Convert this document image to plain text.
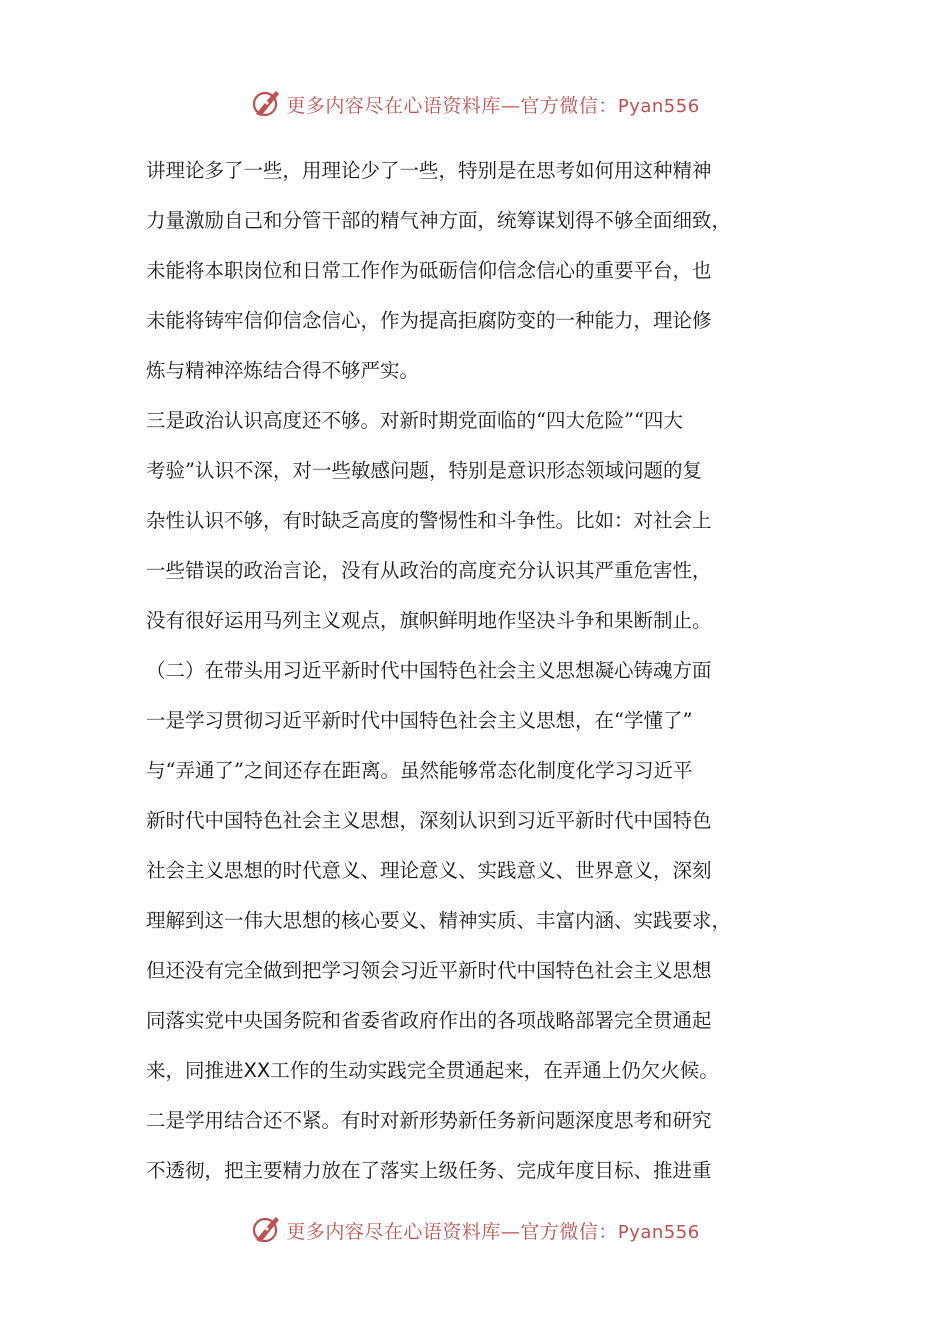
更多内容尽在心语资料库—官方微信：Pyan556
讲理论多了一些，用理论少了一些，特别是在思考如何用这种精神
力量激励自己和分管干部的精气神方面，统筹谋划得不够全面细致，
未能将本职岗位和日常工作作为砥砺信仰信念信心的重要平台，也
未能将铸牢信仰信念信心，作为提高拒腐防变的一种能力，理论修
炼与精神淬炼结合得不够严实。
三是政治认识高度还不够。对新时期党面临的“四大危险”“四大
考验”认识不深，对一些敏感问题，特别是意识形态领域问题的复
杂性认识不够，有时缺乏高度的警惕性和斗争性。比如：对社会上
一些错误的政治言论，没有从政治的高度充分认识其严重危害性，
没有很好运用马列主义观点，旗帜鲜明地作坚决斗争和果断制止。
（二）在带头用习近平新时代中国特色社会主义思想凝心铸魂方面
一是学习贯彻习近平新时代中国特色社会主义思想，在“学懂了”
与“弄通了”之间还存在距离。虽然能够常态化制度化学习习近平
新时代中国特色社会主义思想，深刻认识到习近平新时代中国特色
社会主义思想的时代意义、理论意义、实践意义、世界意义，深刻
理解到这一伟大思想的核心要义、精神实质、丰富内涵、实践要求，
但还没有完全做到把学习领会习近平新时代中国特色社会主义思想
同落实党中央国务院和省委省政府作出的各项战略部署完全贯通起
来，同推进XX工作的生动实践完全贯通起来，在弄通上仍欠火候。
二是学用结合还不紧。有时对新形势新任务新问题深度思考和研究
不透彻，把主要精力放在了落实上级任务、完成年度目标、推进重
更多内容尽在心语资料库—官方微信：Pyan556
